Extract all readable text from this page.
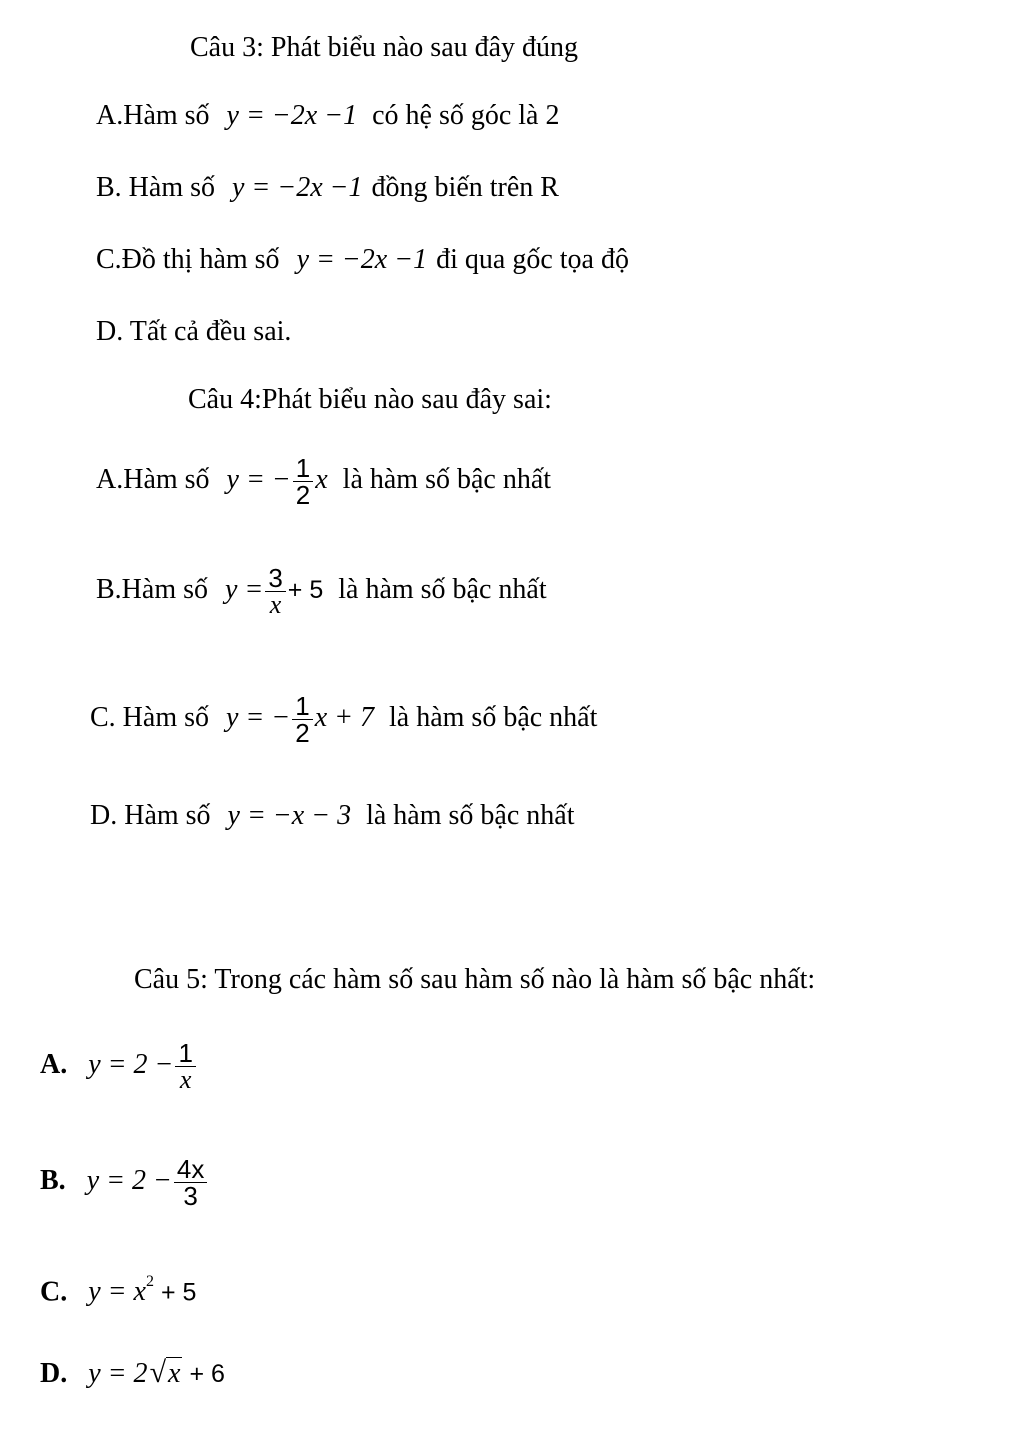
Câu 3: Phát biểu nào sau đây đúng
A.Hàm số y = −2x −1 có hệ số góc là 2
B. Hàm số y = −2x −1 đồng biến trên R
C.Đồ thị hàm số y = −2x −1 đi qua gốc tọa độ
D. Tất cả đều sai.
Câu 4:Phát biểu nào sau đây sai:
A.Hàm số y = − $\frac{1}{2}$ x là hàm số bậc nhất
B.Hàm số $y = \frac{3}{x} + 5$ là hàm số bậc nhất
C. Hàm số y = − $\frac{1}{2}$ x + 7 là hàm số bậc nhất
D. Hàm số y = −x − 3 là hàm số bậc nhất
Câu 5: Trong các hàm số sau hàm số nào là hàm số bậc nhất:
A. $y = 2 - \frac{1}{x}$
B. $y = 2 - \frac{4x}{3}$
C. $y = x^2 + 5$
D. y = 2√x + 6
